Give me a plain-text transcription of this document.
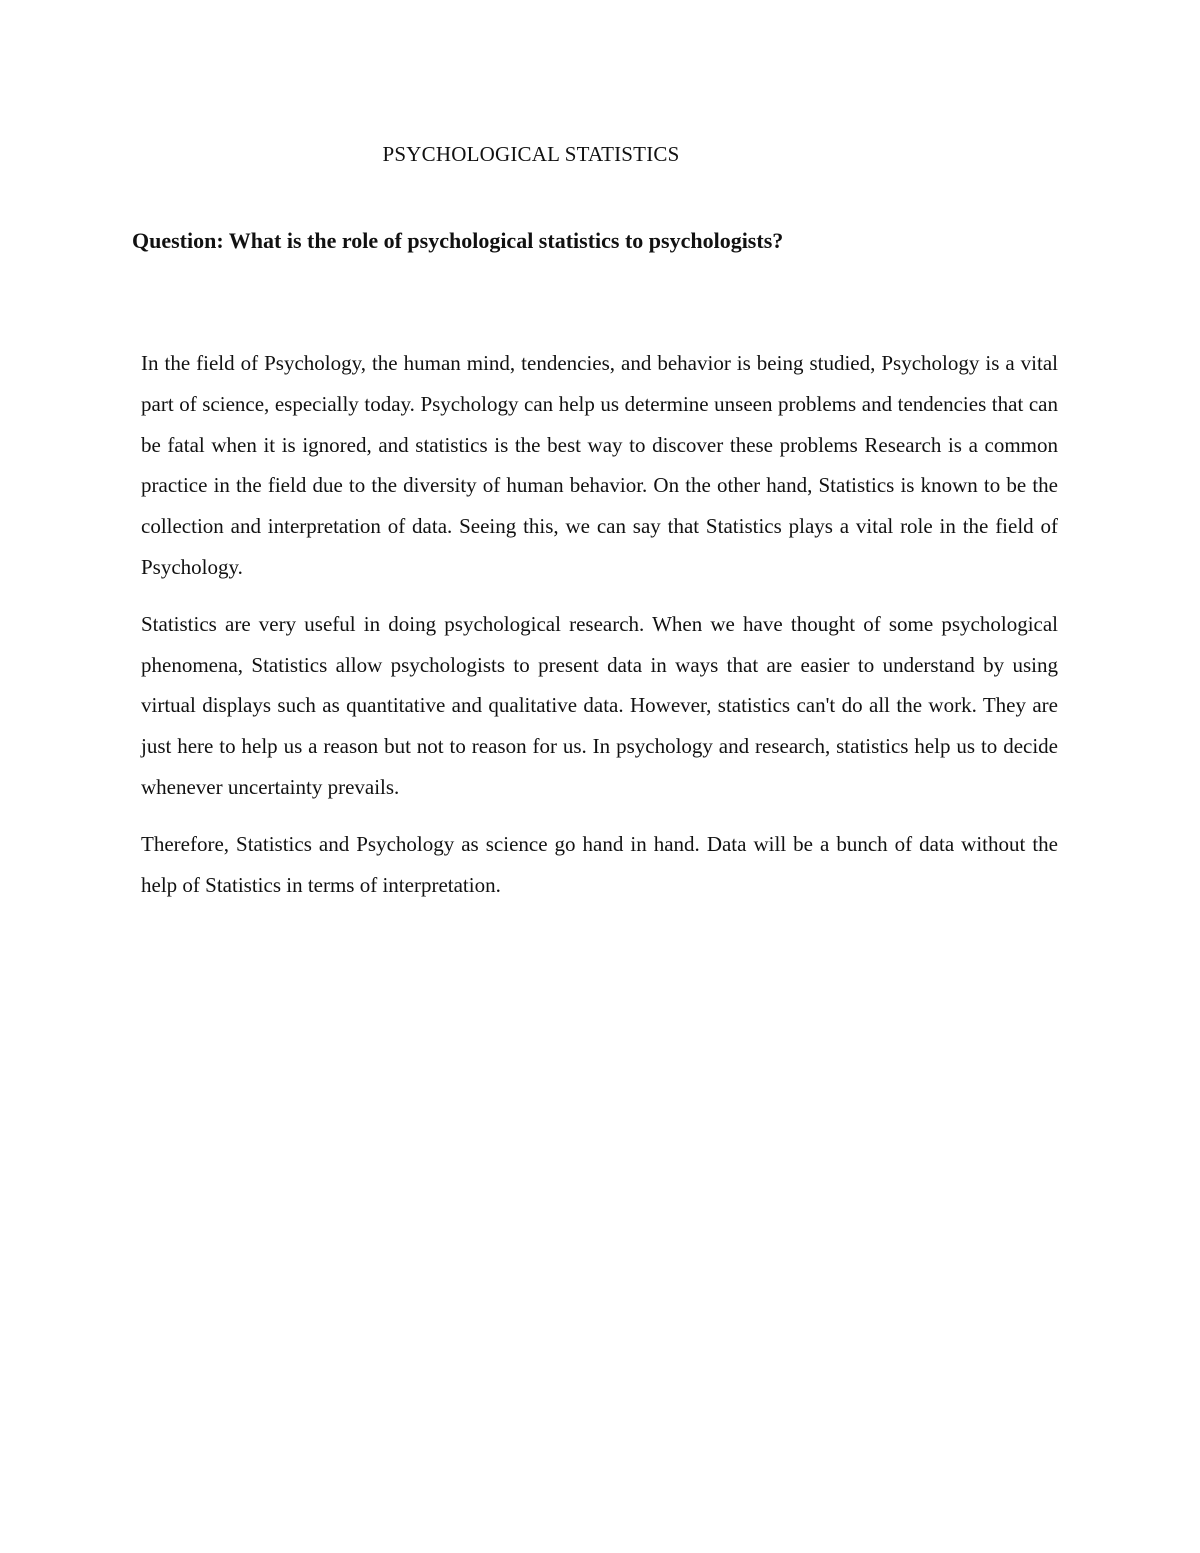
PSYCHOLOGICAL STATISTICS
Question: What is the role of psychological statistics to psychologists?

In the field of Psychology, the human mind, tendencies, and behavior is being studied, Psychology is a vital part of science, especially today. Psychology can help us determine unseen problems and tendencies that can be fatal when it is ignored, and statistics is the best way to discover these problems Research is a common practice in the field due to the diversity of human behavior. On the other hand, Statistics is known to be the collection and interpretation of data. Seeing this, we can say that Statistics plays a vital role in the field of Psychology.

Statistics are very useful in doing psychological research. When we have thought of some psychological phenomena, Statistics allow psychologists to present data in ways that are easier to understand by using virtual displays such as quantitative and qualitative data. However, statistics can't do all the work. They are just here to help us a reason but not to reason for us. In psychology and research, statistics help us to decide whenever uncertainty prevails.

Therefore, Statistics and Psychology as science go hand in hand. Data will be a bunch of data without the help of Statistics in terms of interpretation.
